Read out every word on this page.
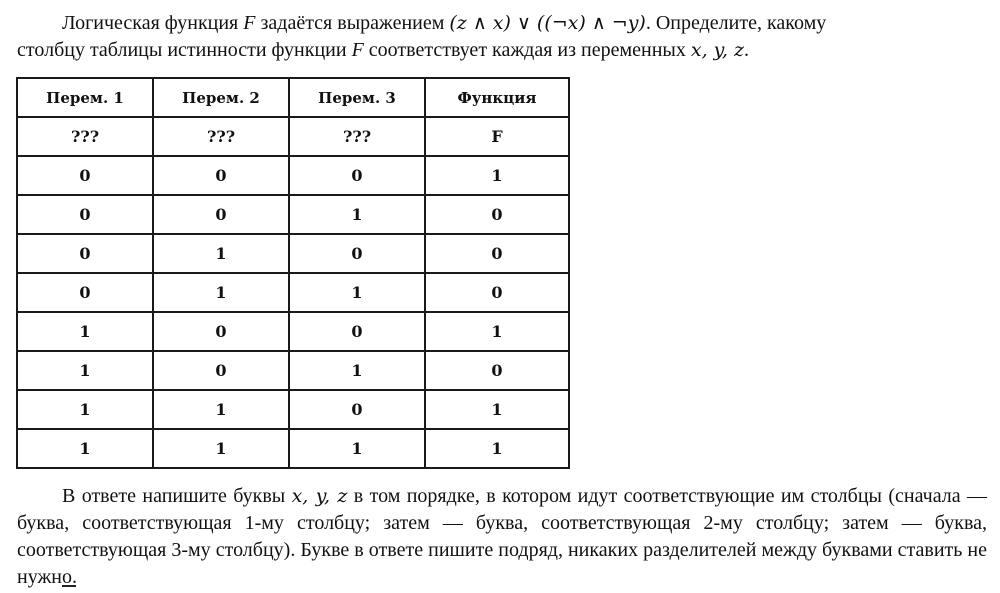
Логическая функция F задаётся выражением (z ∧ x) ∨ ((¬x) ∧ ¬y). Определите, какому
столбцу таблицы истинности функции F соответствует каждая из переменных x, y, z.
Перем. 1	Перем. 2	Перем. 3	Функция
???	???	???	F
0	0	0	1
0	0	1	0
0	1	0	0
0	1	1	0
1	0	0	1
1	0	1	0
1	1	0	1
1	1	1	1
В ответе напишите буквы x, y, z в том порядке, в котором идут соответствующие им столбцы (сначала — буква, соответствующая 1-му столбцу; затем — буква, соответствующая 2-му столбцу; затем — буква, соответствующая 3-му столбцу). Букве в ответе пишите подряд, никаких разделителей между буквами ставить не нужно.
